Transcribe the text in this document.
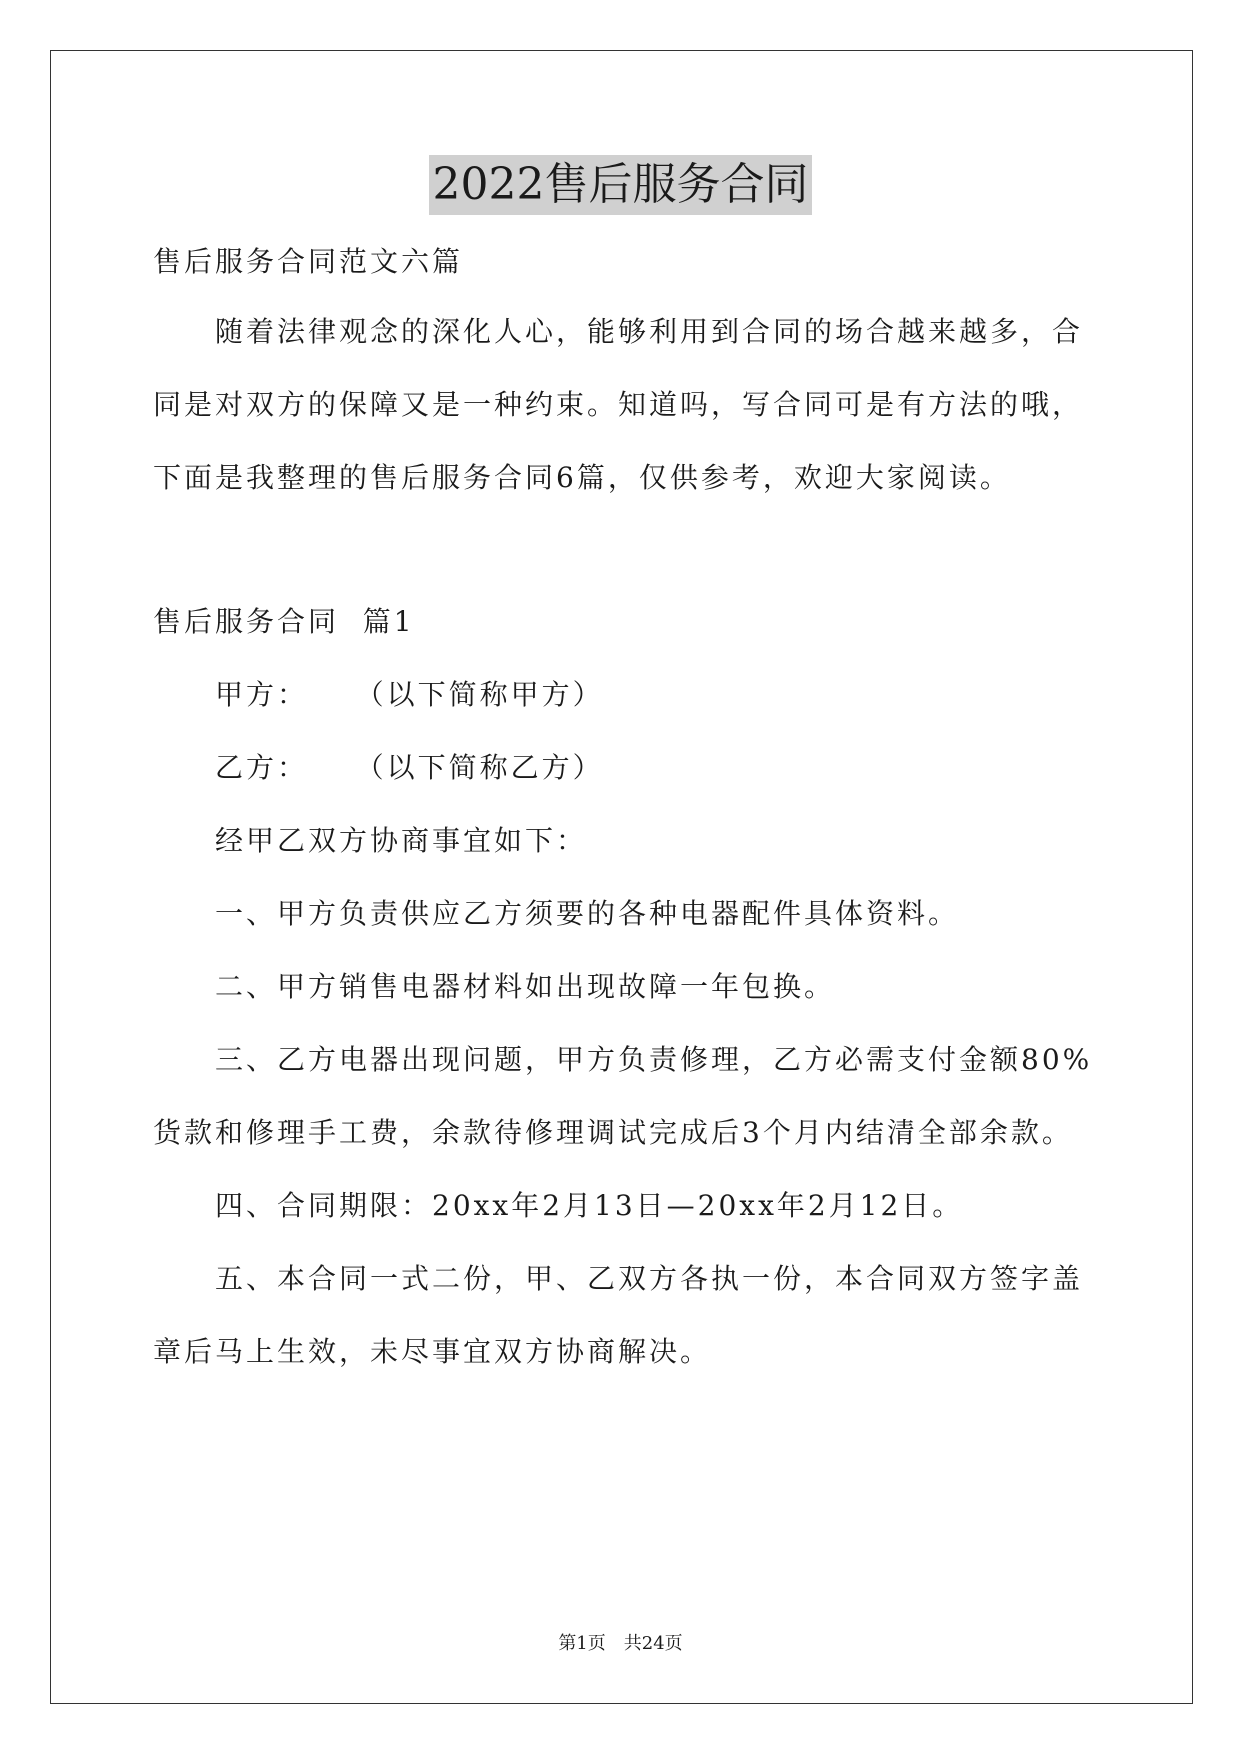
2022售后服务合同
售后服务合同范文六篇
随着法律观念的深化人心，能够利用到合同的场合越来越多，合
同是对双方的保障又是一种约束。知道吗，写合同可是有方法的哦，
下面是我整理的售后服务合同6篇，仅供参考，欢迎大家阅读。
售后服务合同  篇1
甲方：    （以下简称甲方）
乙方：    （以下简称乙方）
经甲乙双方协商事宜如下：
一、甲方负责供应乙方须要的各种电器配件具体资料。
二、甲方销售电器材料如出现故障一年包换。
三、乙方电器出现问题，甲方负责修理，乙方必需支付金额80%
货款和修理手工费，余款待修理调试完成后3个月内结清全部余款。
四、合同期限：20xx年2月13日—20xx年2月12日。
五、本合同一式二份，甲、乙双方各执一份，本合同双方签字盖
章后马上生效，未尽事宜双方协商解决。
第1页 共24页
